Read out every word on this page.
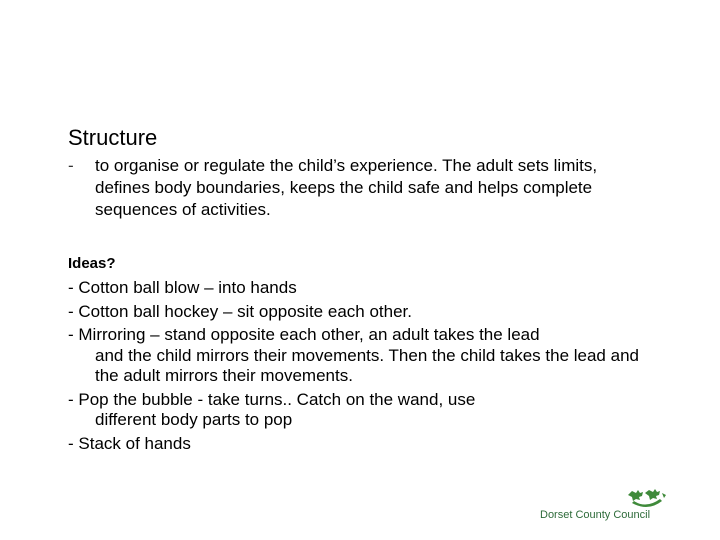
Structure
- to organise or regulate the child’s experience. The adult sets limits, defines body boundaries, keeps the child safe and helps complete sequences of activities.
Ideas?
- Cotton ball blow – into hands
- Cotton ball hockey – sit opposite each other.
- Mirroring – stand opposite each other, an adult takes the lead
and the child mirrors their movements. Then the child takes the lead and the adult mirrors their movements.
- Pop the bubble - take turns.. Catch on the wand, use
different body parts to pop
- Stack of hands
Dorset County Council
